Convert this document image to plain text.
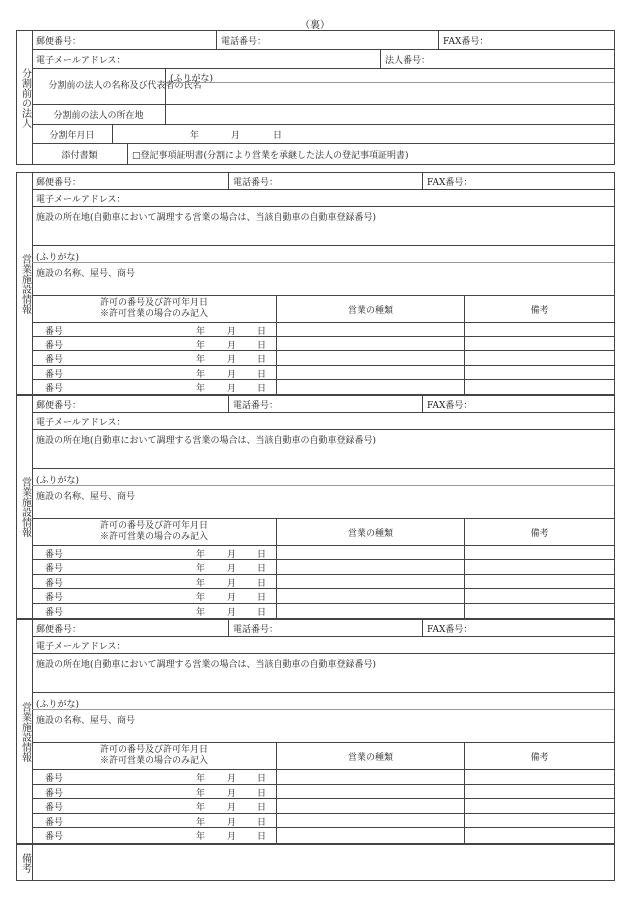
（裏）
分割前の法人
郵便番号：	電話番号：	FAX番号：
電子メールアドレス：	法人番号：
分割前の法人の名称及び代表者の氏名
(ふりがな)
分割前の法人の所在地
分割年月日	年	月	日
添付書類	□登記事項証明書(分割により営業を承継した法人の登記事項証明書)
営業施設情報
郵便番号：	電話番号：	FAX番号：
電子メールアドレス：
施設の所在地(自動車において調理する営業の場合は、当該自動車の自動車登録番号)
(ふりがな)
施設の名称、屋号、商号
許可の番号及び許可年月日
※許可営業の場合のみ記入	営業の種類	備考
番号	年 月 日
番号	年 月 日
番号	年 月 日
番号	年 月 日
番号	年 月 日
営業施設情報
郵便番号：	電話番号：	FAX番号：
電子メールアドレス：
施設の所在地(自動車において調理する営業の場合は、当該自動車の自動車登録番号)
(ふりがな)
施設の名称、屋号、商号
許可の番号及び許可年月日
※許可営業の場合のみ記入	営業の種類	備考
番号	年 月 日
番号	年 月 日
番号	年 月 日
番号	年 月 日
番号	年 月 日
営業施設情報
郵便番号：	電話番号：	FAX番号：
電子メールアドレス：
施設の所在地(自動車において調理する営業の場合は、当該自動車の自動車登録番号)
(ふりがな)
施設の名称、屋号、商号
許可の番号及び許可年月日
※許可営業の場合のみ記入	営業の種類	備考
番号	年 月 日
番号	年 月 日
番号	年 月 日
番号	年 月 日
番号	年 月 日
備考
